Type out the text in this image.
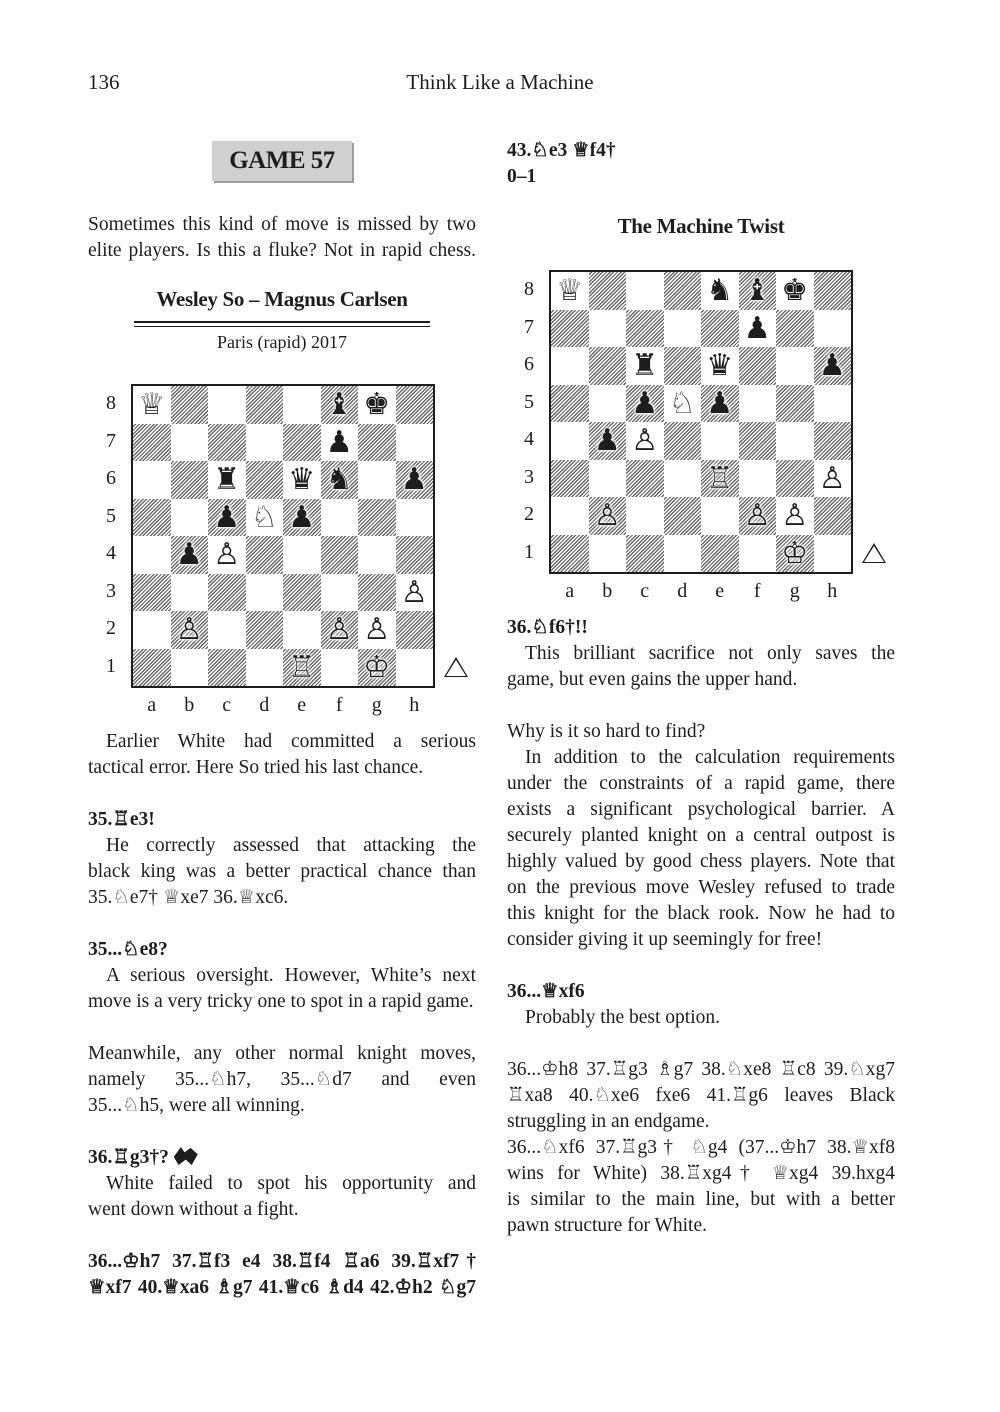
136	Think Like a Machine
GAME 57

Sometimes this kind of move is missed by two

elite players. Is this a fluke? Not in rapid chess.

Wesley So – Magnus Carlsen
Paris (rapid) 2017
♕	♝ ♚
♟
♜ ♛ ♞ ♟
♟ ♘ ♟
♟ ♙
♙
♙	♙ ♙
♖ ♔
8
7
6
5
4
3
2
1
a	b	c	d	e	f	g	h

Earlier White had committed a serious

tactical error. Here So tried his last chance.

35.♖e3!

He correctly assessed that attacking the

black king was a better practical chance than

35.♘e7† ♕xe7 36.♕xc6.

35...♘e8?

A serious oversight. However, White’s next

move is a very tricky one to spot in a rapid game.

Meanwhile, any other normal knight moves,

namely 35...♘h7, 35...♘d7 and even

35...♘h5, were all winning.

36.♖g3†?

White failed to spot his opportunity and

went down without a fight.

36...♔h7 37.♖f3 e4 38.♖f4 ♖a6 39.♖xf7†

♕xf7 40.♕xa6 ♗g7 41.♕c6 ♗d4 42.♔h2 ♘g7

43.♘e3 ♕f4†
0–1
The Machine Twist
♕	♞ ♝ ♚
♟
♜ ♛	♟
♟ ♘ ♟
♟ ♙
♖	♙
♙	♙ ♙
♔
8
7
6
5
4
3
2
1
a	b	c	d	e	f	g	h
36.♘f6†!!

This brilliant sacrifice not only saves the

game, but even gains the upper hand.

Why is it so hard to find?

In addition to the calculation requirements

under the constraints of a rapid game, there

exists a significant psychological barrier. A

securely planted knight on a central outpost is

highly valued by good chess players. Note that

on the previous move Wesley refused to trade

this knight for the black rook. Now he had to

consider giving it up seemingly for free!

36...♕xf6
Probably the best option.

36...♔h8 37.♖g3 ♗g7 38.♘xe8 ♖c8 39.♘xg7

♖xa8 40.♘xe6 fxe6 41.♖g6 leaves Black

struggling in an endgame.

36...♘xf6 37.♖g3† ♘g4 (37...♔h7 38.♕xf8

wins for White) 38.♖xg4† ♕xg4 39.hxg4

is similar to the main line, but with a better

pawn structure for White.
